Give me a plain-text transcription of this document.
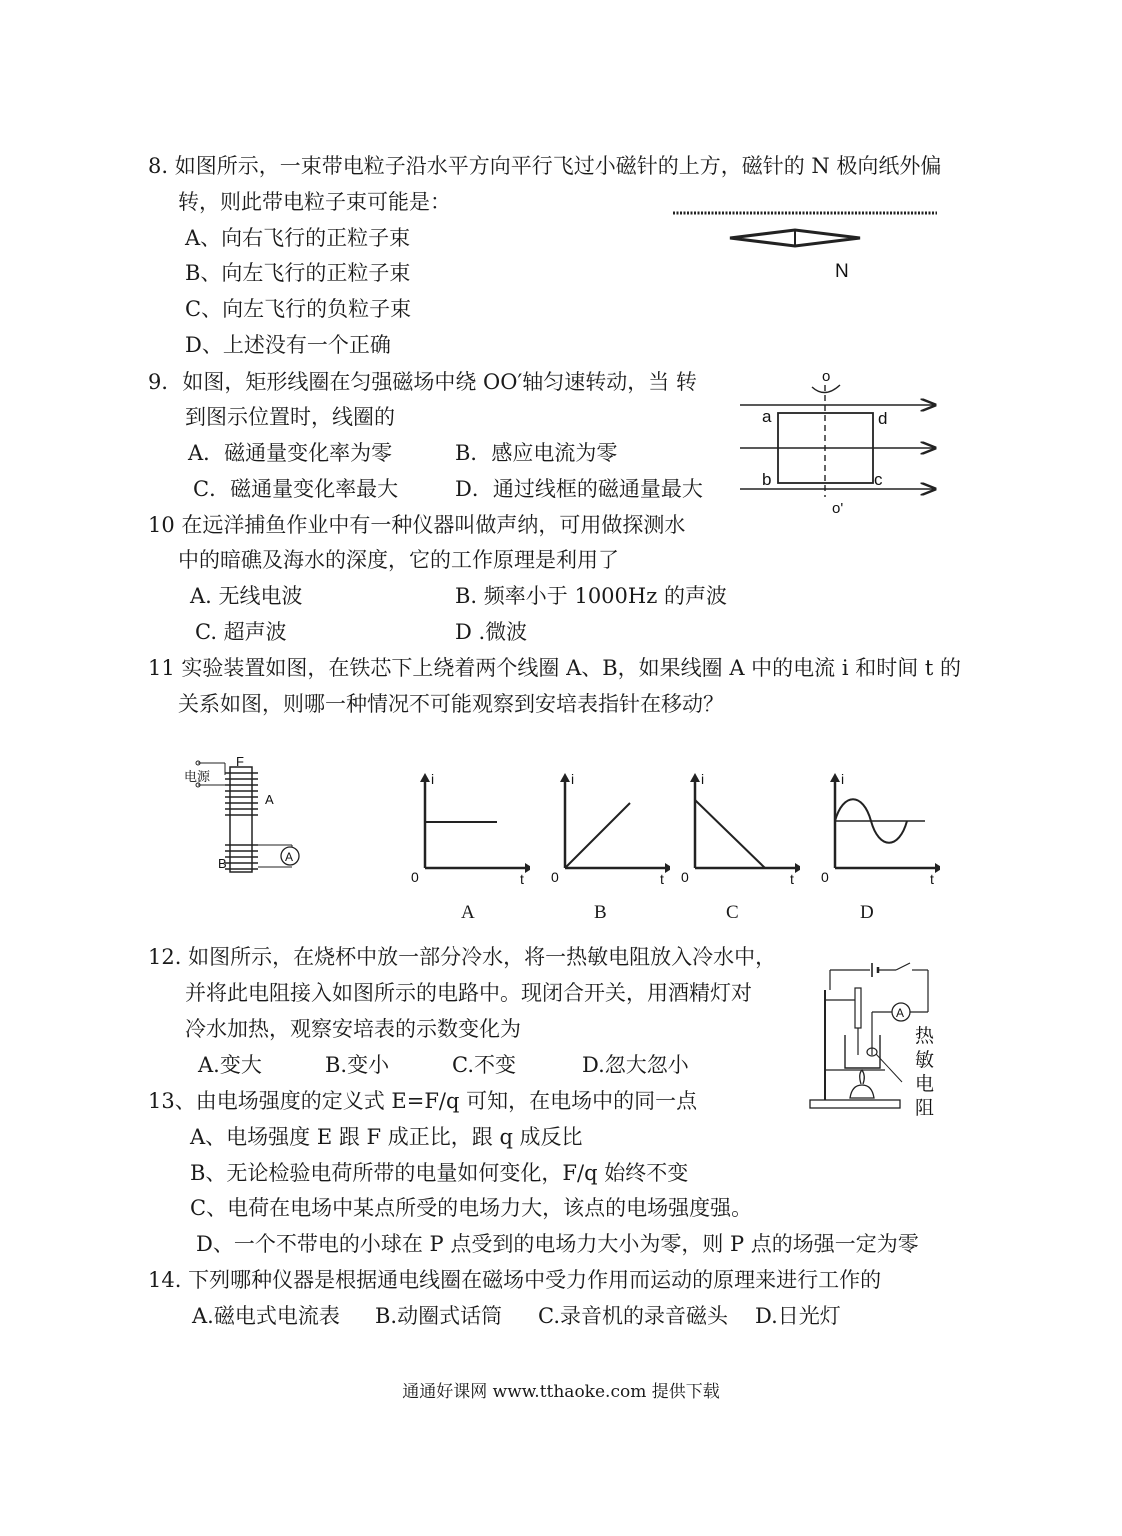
8. 如图所示，一束带电粒子沿水平方向平行飞过小磁针的上方，磁针的 N 极向纸外偏
转，则此带电粒子束可能是：
A、向右飞行的正粒子束
B、向左飞行的正粒子束
C、向左飞行的负粒子束
D、上述没有一个正确
N
9．如图，矩形线圈在匀强磁场中绕 OO′轴匀速转动，当 转
到图示位置时，线圈的
A．磁通量变化率为零	B．感应电流为零
C．磁通量变化率最大	D．通过线框的磁通量最大
o
o'
a	d
b	c
10 在远洋捕鱼作业中有一种仪器叫做声纳，可用做探测水
中的暗礁及海水的深度，它的工作原理是利用了
A. 无线电波	B. 频率小于 1000Hz 的声波
C. 超声波	D .微波
11 实验装置如图，在铁芯下上绕着两个线圈 A、B，如果线圈 A 中的电流 i 和时间 t 的
关系如图，则哪一种情况不可能观察到安培表指针在移动？
电源
F
A
B	A
i
0	t
i
0	t
i
0	t
i
0	t
A	B	C	D
12. 如图所示，在烧杯中放一部分冷水，将一热敏电阻放入冷水中，
并将此电阻接入如图所示的电路中。现闭合开关，用酒精灯对
冷水加热，观察安培表的示数变化为
A.变大	B.变小	C.不变	D.忽大忽小
A
热
敏
电
阻
13、由电场强度的定义式 E=F/q 可知，在电场中的同一点
A、电场强度 E 跟 F 成正比，跟 q 成反比
B、无论检验电荷所带的电量如何变化，F/q 始终不变
C、电荷在电场中某点所受的电场力大，该点的电场强度强。
D、一个不带电的小球在 P 点受到的电场力大小为零，则 P 点的场强一定为零
14. 下列哪种仪器是根据通电线圈在磁场中受力作用而运动的原理来进行工作的
A.磁电式电流表 B.动圈式话筒 C.录音机的录音磁头 D.日光灯
通通好课网 www.tthaoke.com 提供下载
